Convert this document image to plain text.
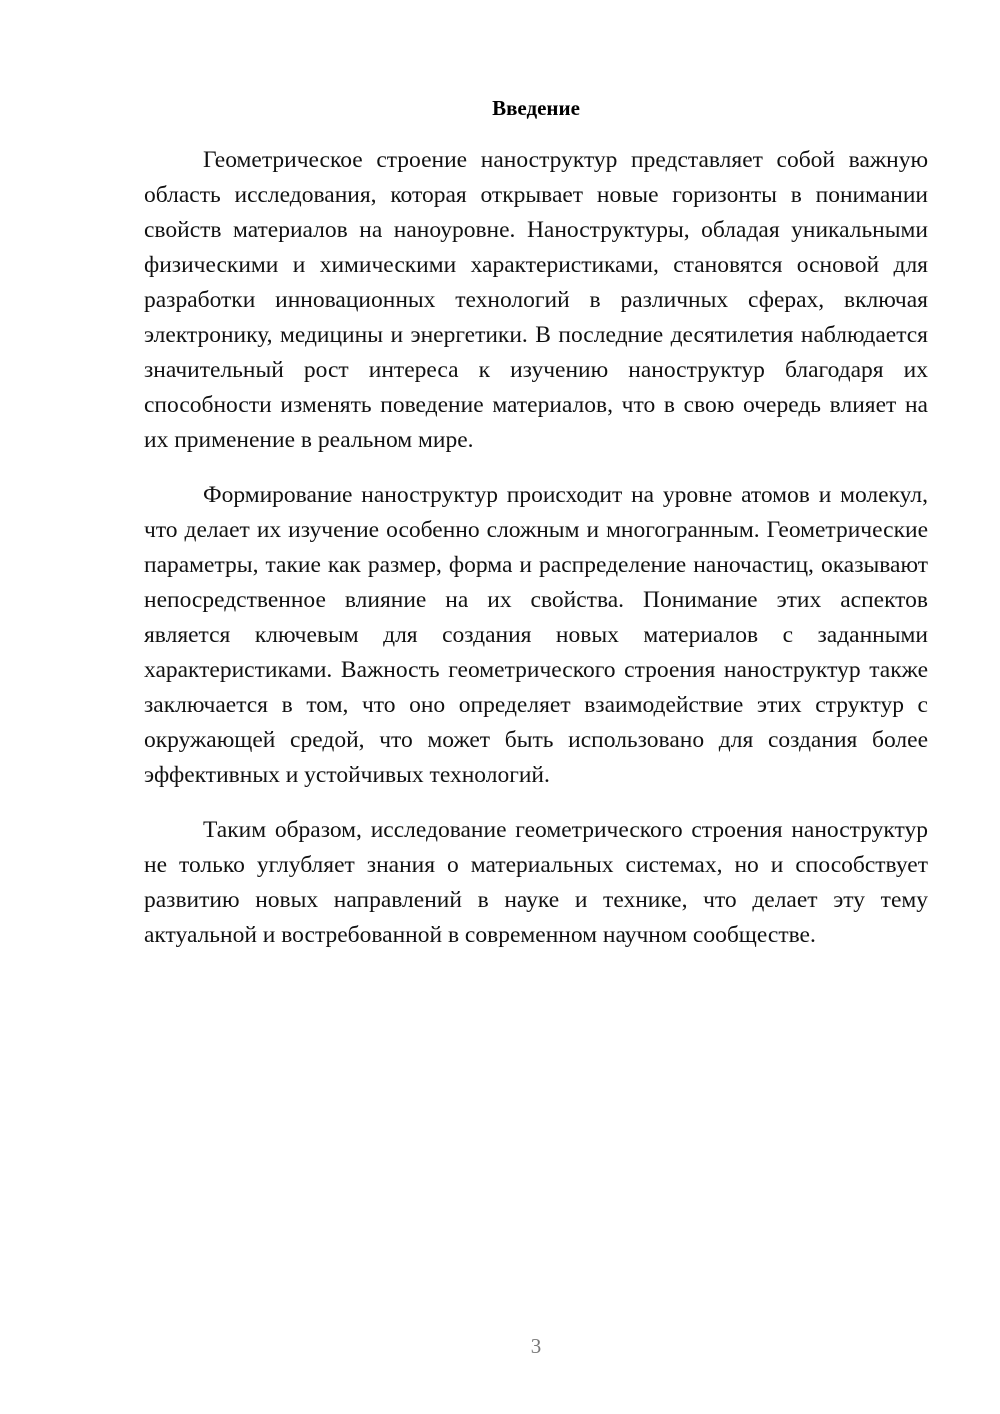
Введение

Геометрическое строение наноструктур представляет собой важную область исследования, которая открывает новые горизонты в понимании свойств материалов на наноуровне. Наноструктуры, обладая уникальными физическими и химическими характеристиками, становятся основой для разработки инновационных технологий в различных сферах, включая электронику, медицины и энергетики. В последние десятилетия наблюдается значительный рост интереса к изучению наноструктур благодаря их способности изменять поведение материалов, что в свою очередь влияет на их применение в реальном мире.

Формирование наноструктур происходит на уровне атомов и молекул, что делает их изучение особенно сложным и многогранным. Геометрические параметры, такие как размер, форма и распределение наночастиц, оказывают непосредственное влияние на их свойства. Понимание этих аспектов является ключевым для создания новых материалов с заданными характеристиками. Важность геометрического строения наноструктур также заключается в том, что оно определяет взаимодействие этих структур с окружающей средой, что может быть использовано для создания более эффективных и устойчивых технологий.

Таким образом, исследование геометрического строения наноструктур не только углубляет знания о материальных системах, но и способствует развитию новых направлений в науке и технике, что делает эту тему актуальной и востребованной в современном научном сообществе.

3
